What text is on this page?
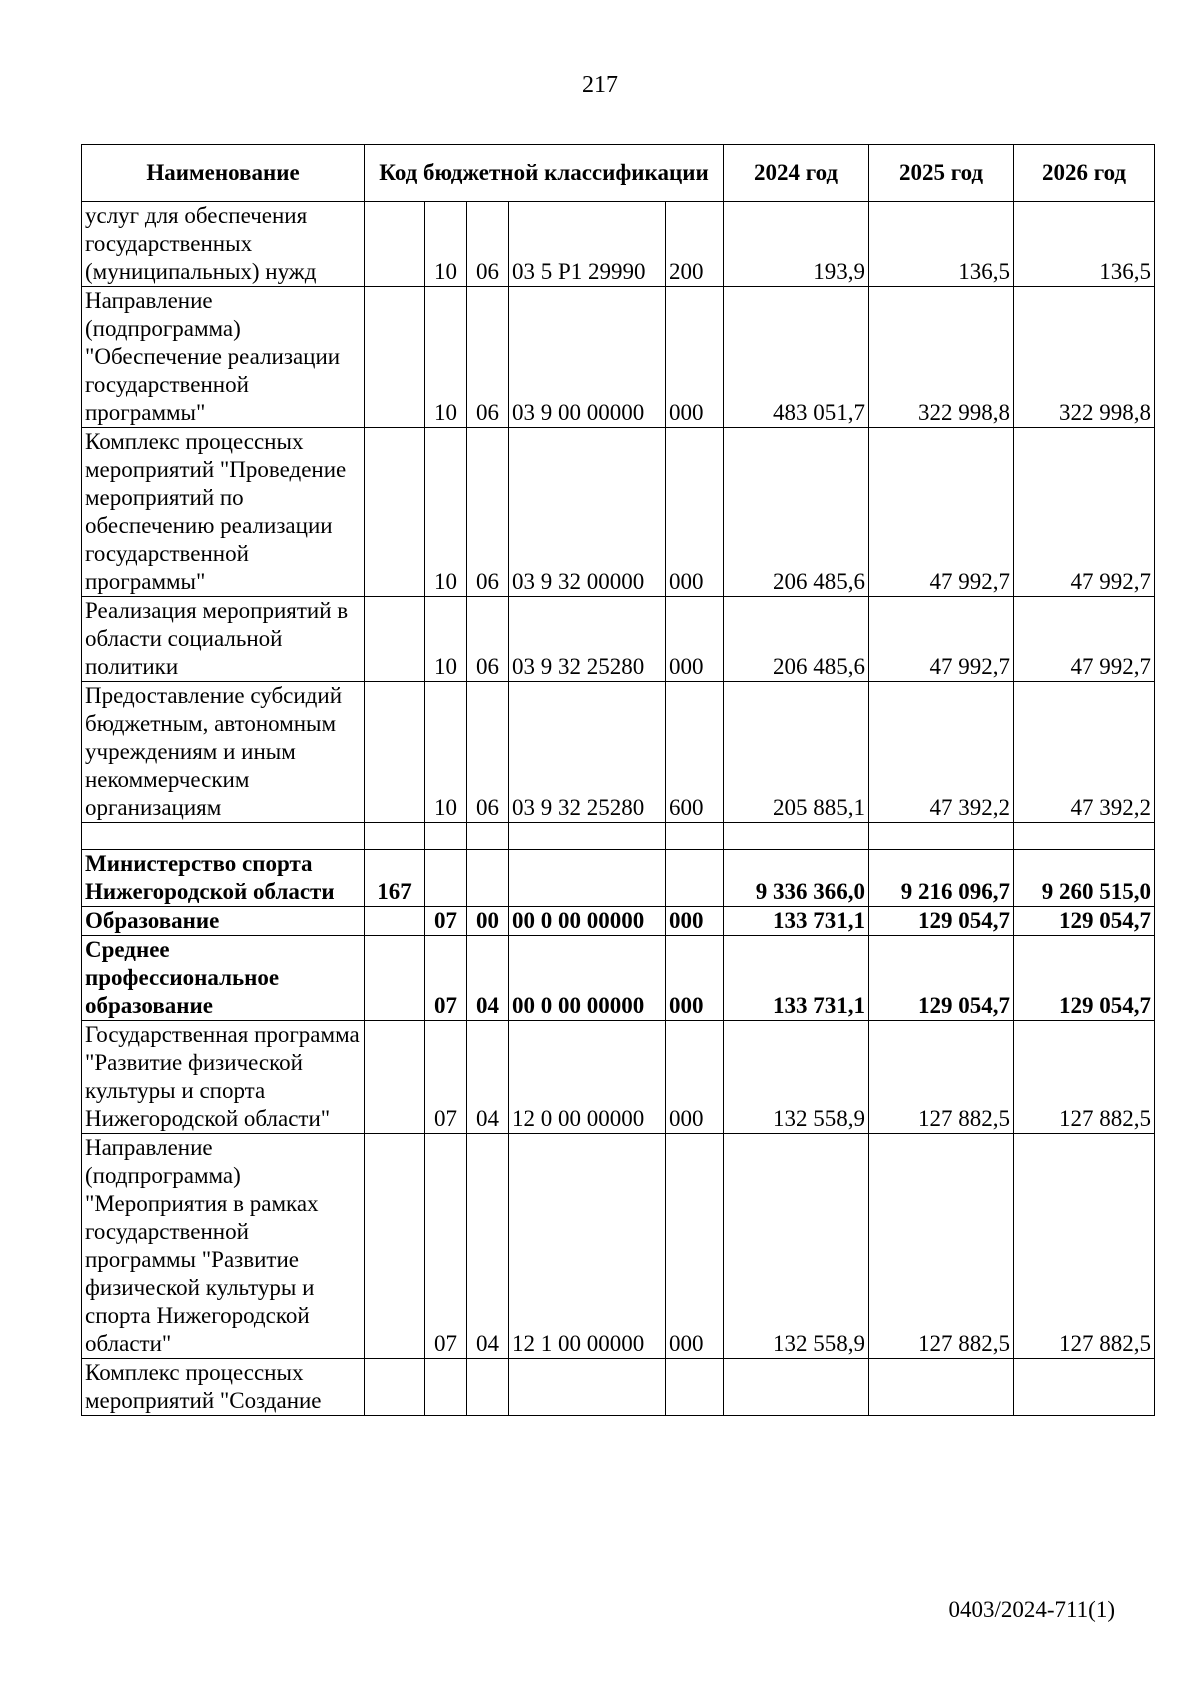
217
Наименование	Код бюджетной классификации					2024 год	2025 год	2026 год
услуг для обеспечения государственных (муниципальных) нужд		10	06	03 5 Р1 29990	200	193,9	136,5	136,5
Направление (подпрограмма) "Обеспечение реализации государственной программы"		10	06	03 9 00 00000	000	483 051,7	322 998,8	322 998,8
Комплекс процессных мероприятий "Проведение мероприятий по обеспечению реализации государственной программы"		10	06	03 9 32 00000	000	206 485,6	47 992,7	47 992,7
Реализация мероприятий в области социальной политики		10	06	03 9 32 25280	000	206 485,6	47 992,7	47 992,7
Предоставление субсидий бюджетным, автономным учреждениям и иным некоммерческим организациям		10	06	03 9 32 25280	600	205 885,1	47 392,2	47 392,2

Министерство спорта Нижегородской области	167					9 336 366,0	9 216 096,7	9 260 515,0
Образование		07	00	00 0 00 00000	000	133 731,1	129 054,7	129 054,7
Среднее профессиональное образование		07	04	00 0 00 00000	000	133 731,1	129 054,7	129 054,7
Государственная программа "Развитие физической культуры и спорта Нижегородской области"		07	04	12 0 00 00000	000	132 558,9	127 882,5	127 882,5
Направление (подпрограмма) "Мероприятия в рамках государственной программы "Развитие физической культуры и спорта Нижегородской области"		07	04	12 1 00 00000	000	132 558,9	127 882,5	127 882,5
Комплекс процессных мероприятий "Создание								
0403/2024-711(1)
